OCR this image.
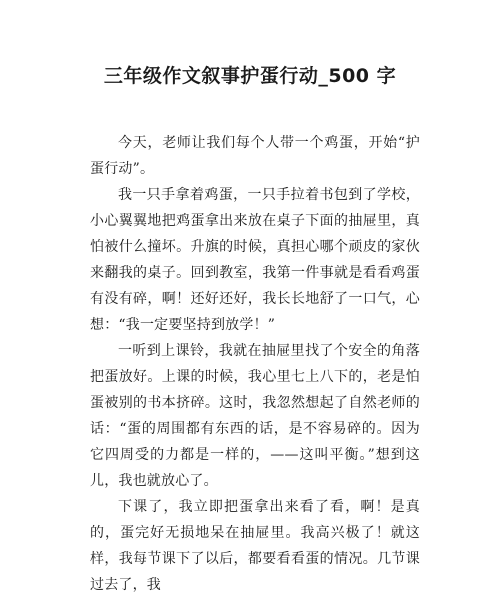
三年级作文叙事护蛋行动_500 字

今天，老师让我们每个人带一个鸡蛋，开始“护蛋行动”。

我一只手拿着鸡蛋，一只手拉着书包到了学校，小心翼翼地把鸡蛋拿出来放在桌子下面的抽屉里，真怕被什么撞坏。升旗的时候，真担心哪个顽皮的家伙来翻我的桌子。回到教室，我第一件事就是看看鸡蛋有没有碎，啊！还好还好，我长长地舒了一口气，心想：“我一定要坚持到放学！”

一听到上课铃，我就在抽屉里找了个安全的角落把蛋放好。上课的时候，我心里七上八下的，老是怕蛋被别的书本挤碎。这时，我忽然想起了自然老师的话：“蛋的周围都有东西的话，是不容易碎的。因为它四周受的力都是一样的，——这叫平衡。”想到这儿，我也就放心了。

下课了，我立即把蛋拿出来看了看，啊！是真的，蛋完好无损地呆在抽屉里。我高兴极了！就这样，我每节课下了以后，都要看看蛋的情况。几节课过去了，我
